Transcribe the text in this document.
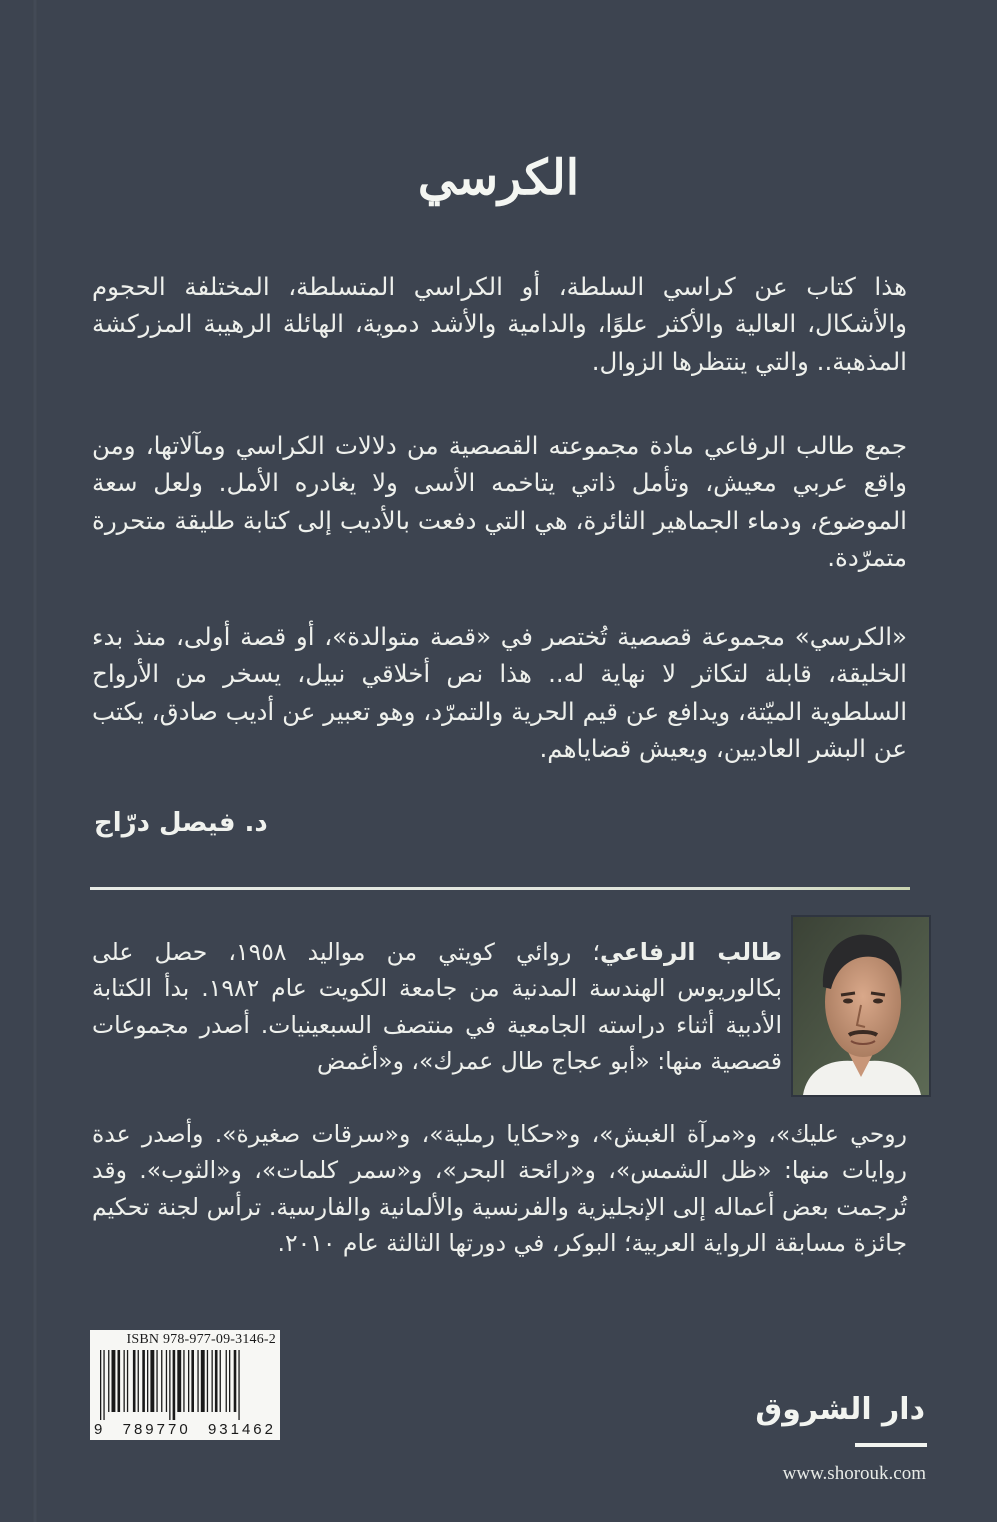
الكرسي

هذا كتاب عن كراسي السلطة، أو الكراسي المتسلطة، المختلفة الحجوم والأشكال، العالية والأكثر علوًا، والدامية والأشد دموية، الهائلة الرهيبة المزركشة المذهبة.. والتي ينتظرها الزوال.

جمع طالب الرفاعي مادة مجموعته القصصية من دلالات الكراسي ومآلاتها، ومن واقع عربي معيش، وتأمل ذاتي يتاخمه الأسى ولا يغادره الأمل. ولعل سعة الموضوع، ودماء الجماهير الثائرة، هي التي دفعت بالأديب إلى كتابة طليقة متحررة متمرّدة.

«الكرسي» مجموعة قصصية تُختصر في «قصة متوالدة»، أو قصة أولى، منذ بدء الخليقة، قابلة لتكاثر لا نهاية له.. هذا نص أخلاقي نبيل، يسخر من الأرواح السلطوية الميّتة، ويدافع عن قيم الحرية والتمرّد، وهو تعبير عن أديب صادق، يكتب عن البشر العاديين، ويعيش قضاياهم.

د. فيصل درّاج

طالب الرفاعي؛ روائي كويتي من مواليد ١٩٥٨، حصل على بكالوريوس الهندسة المدنية من جامعة الكويت عام ١٩٨٢. بدأ الكتابة الأدبية أثناء دراسته الجامعية في منتصف السبعينيات. أصدر مجموعات قصصية منها: «أبو عجاج طال عمرك»، و«أغمض

روحي عليك»، و«مرآة الغبش»، و«حكايا رملية»، و«سرقات صغيرة». وأصدر عدة روايات منها: «ظل الشمس»، و«رائحة البحر»، و«سمر كلمات»، و«الثوب». وقد تُرجمت بعض أعماله إلى الإنجليزية والفرنسية والألمانية والفارسية. ترأس لجنة تحكيم جائزة مسابقة الرواية العربية؛ البوكر، في دورتها الثالثة عام ٢٠١٠.

ISBN 978-977-09-3146-2
9 789770 931462
دار الشروق
www.shorouk.com
